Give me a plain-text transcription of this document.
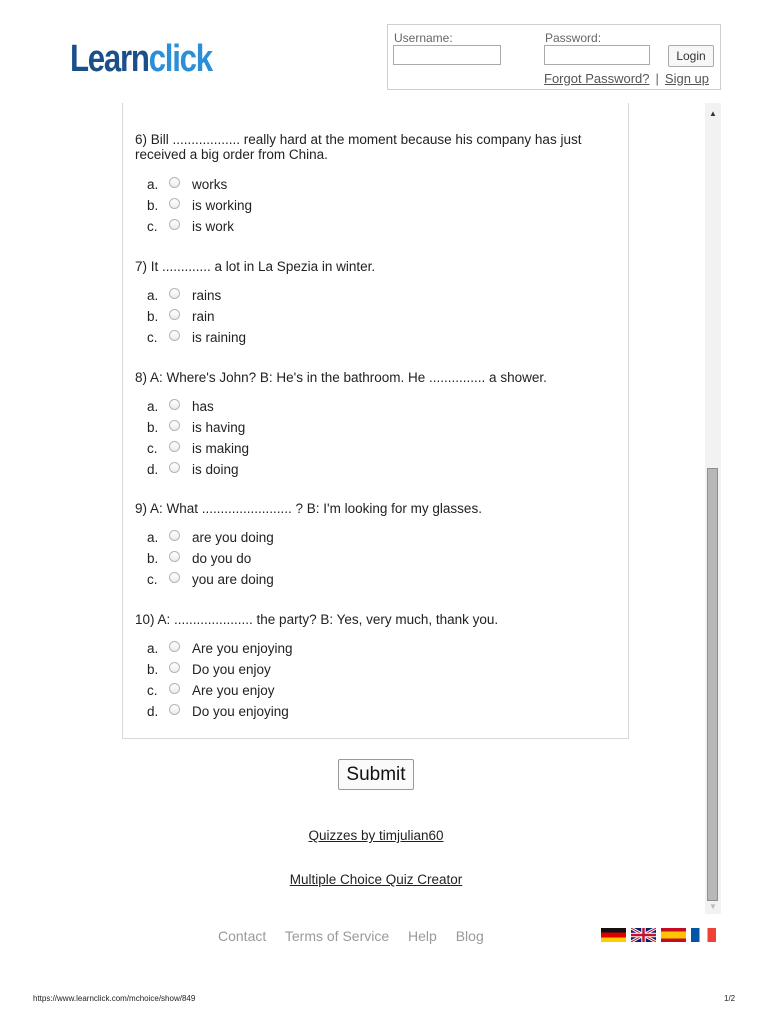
Learnclick	Username:	Password:
Login
Forgot Password? | Sign up
6) Bill .................. really hard at the moment because his company has just
received a big order from China.
a. works
b. is working
c.	is work
7) It ............. a lot in La Spezia in winter.
a. rains
b. rain
c.	is raining
8) A: Where's John? B: He's in the bathroom. He ............... a shower.
a. has
b. is having
c.	is making
d. is doing
9) A: What ........................ ? B: I'm looking for my glasses.
a. are you doing
b. do you do
c.	you are doing
10) A: ..................... the party? B: Yes, very much, thank you.
a. Are you enjoying
b. Do you enjoy
c.	Are you enjoy
d. Do you enjoying
▲
▼
Submit
Quizzes by timjulian60
Multiple Choice Quiz Creator
Contact Terms of Service Help Blog
https://www.learnclick.com/mchoice/show/849	1/2
